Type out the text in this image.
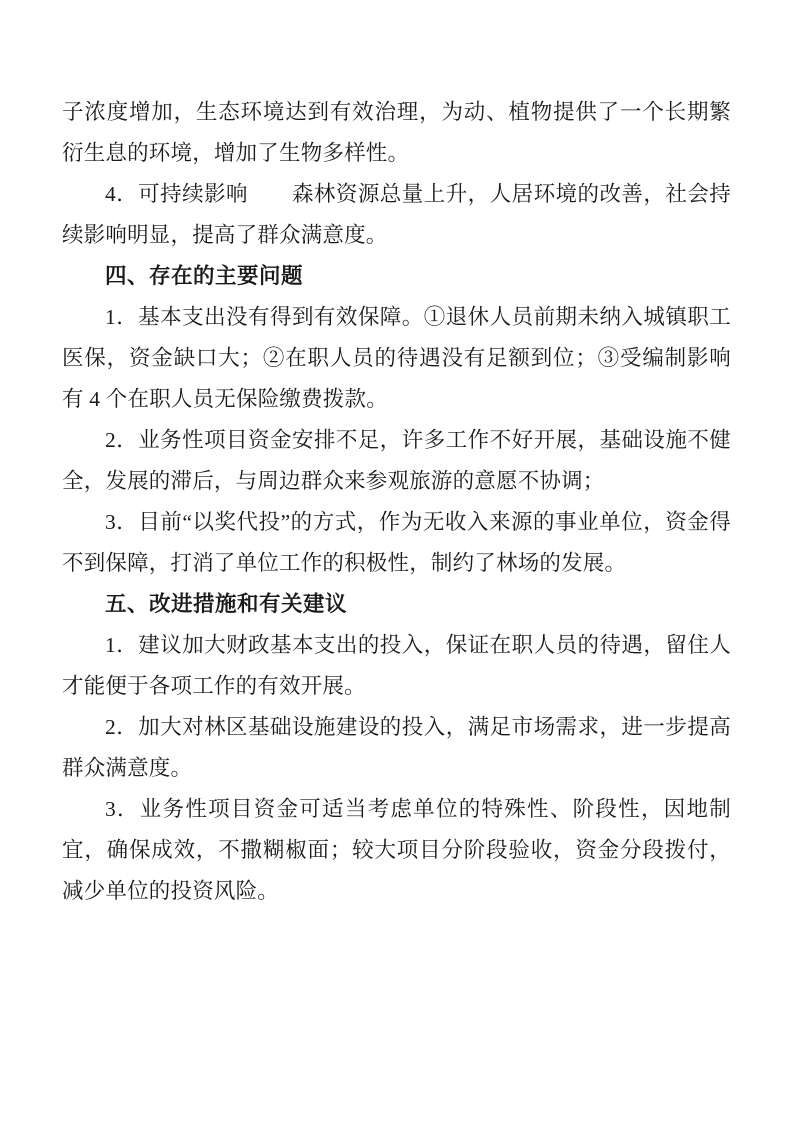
子浓度增加，生态环境达到有效治理，为动、植物提供了一个长期繁衍生息的环境，增加了生物多样性。

4．可持续影响　　森林资源总量上升，人居环境的改善，社会持续影响明显，提高了群众满意度。

四、存在的主要问题

1．基本支出没有得到有效保障。①退休人员前期未纳入城镇职工医保，资金缺口大；②在职人员的待遇没有足额到位；③受编制影响有 4 个在职人员无保险缴费拨款。

2．业务性项目资金安排不足，许多工作不好开展，基础设施不健全，发展的滞后，与周边群众来参观旅游的意愿不协调；

3．目前“以奖代投”的方式，作为无收入来源的事业单位，资金得不到保障，打消了单位工作的积极性，制约了林场的发展。

五、改进措施和有关建议

1．建议加大财政基本支出的投入，保证在职人员的待遇，留住人才能便于各项工作的有效开展。

2．加大对林区基础设施建设的投入，满足市场需求，进一步提高群众满意度。

3．业务性项目资金可适当考虑单位的特殊性、阶段性，因地制宜，确保成效，不撒糊椒面；较大项目分阶段验收，资金分段拨付，减少单位的投资风险。
